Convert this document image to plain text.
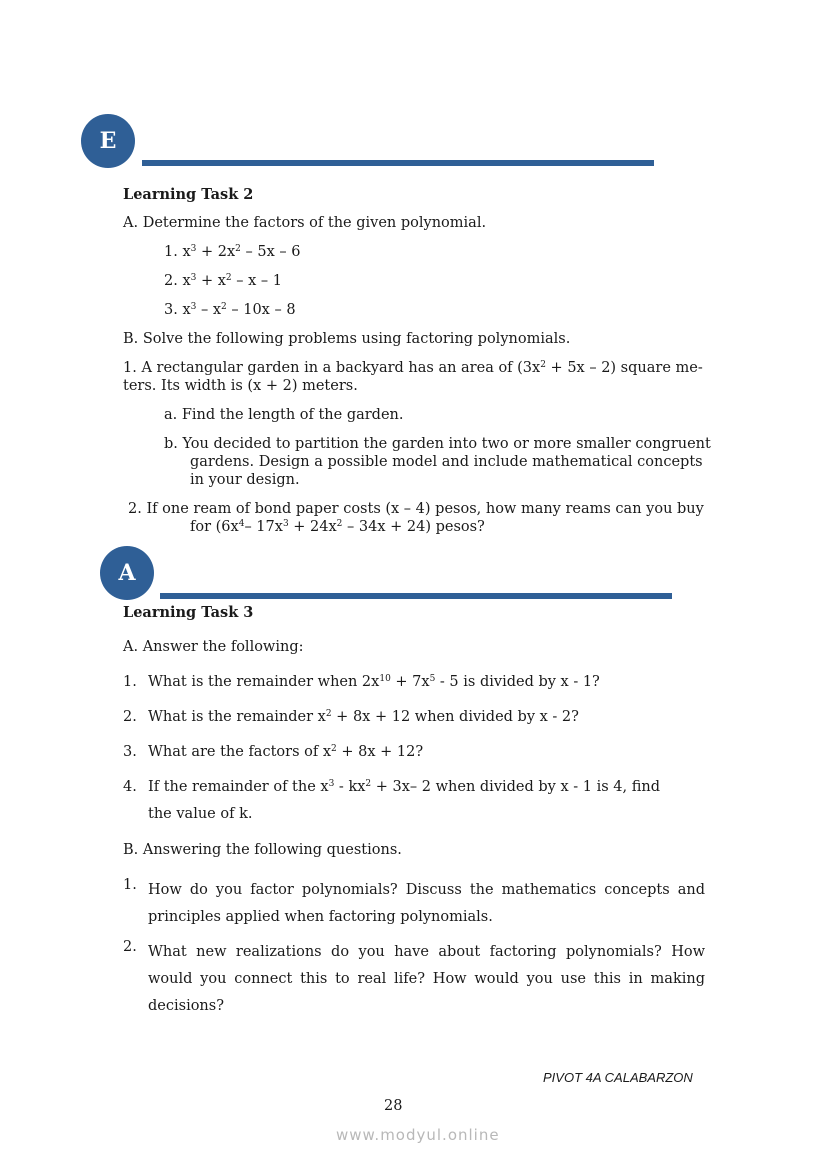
E
Learning Task 2
A. Determine the factors of the given polynomial.
1. $x^3 + 2x^2 - 5x - 6$
2. $x^3 + x^2 - x - 1$
3. $x^3 - x^2 - 10x - 8$
B. Solve the following problems using factoring polynomials.
1. A rectangular garden in a backyard has an area of $(3x^2 + 5x - 2)$ square me-
ters. Its width is (x + 2) meters.
a. Find the length of the garden.
b. You decided to partition the garden into two or more smaller congruent
gardens. Design a possible model and include mathematical concepts
in your design.
2. If one ream of bond paper costs (x – 4) pesos, how many reams can you buy
for ($6x^4-$ $17x^3 + 24x^2 - 34x + 24$) pesos?
A
Learning Task 3
A. Answer the following:
1. What is the remainder when $2x^{10} + 7x^5 - 5$ is divided by x - 1?
2. What is the remainder $x^2 + 8x + 12$ when divided by x - 2?
3. What are the factors of $x^2 + 8x + 12$?
4. If the remainder of the $x^3 - kx^2 + 3x-$ 2 when divided by x - 1 is 4, find
the value of k.
B. Answering the following questions.
1. How do you factor polynomials? Discuss the mathematics concepts and principles applied when factoring polynomials.
2. What new realizations do you have about factoring polynomials? How would you connect this to real life? How would you use this in making decisions?
PIVOT 4A CALABARZON
28
www.modyul.online
